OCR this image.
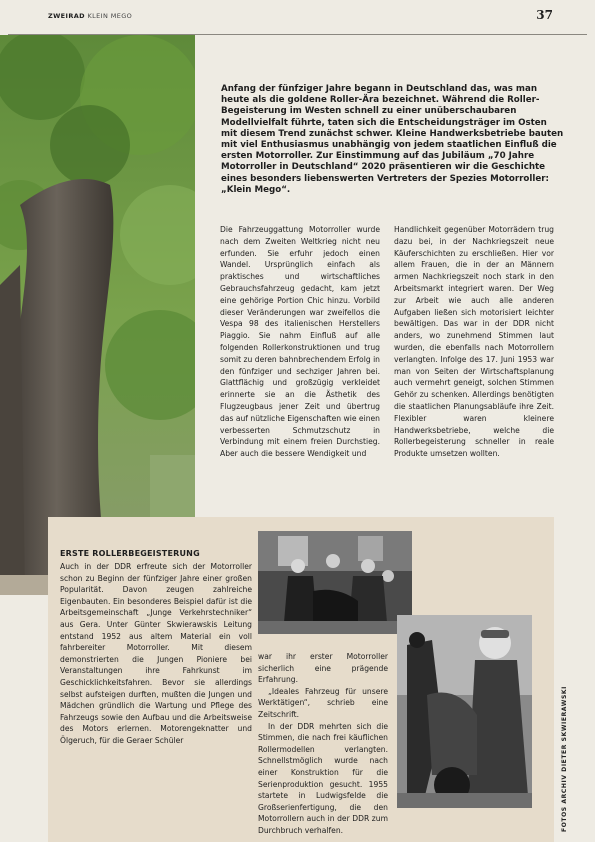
ZWEIRAD KLEIN MEGO	37
Anfang der fünfziger Jahre begann in Deutschland das, was man heute als die goldene Roller-Ära bezeichnet. Während die Roller-Begeisterung im Westen schnell zu einer unüberschaubaren Modellvielfalt führte, taten sich die Entscheidungsträger im Osten mit diesem Trend zunächst schwer. Kleine Handwerksbetriebe bauten mit viel Enthusiasmus unabhängig von jedem staatlichen Einfluß die ersten Motorroller. Zur Einstimmung auf das Jubiläum „70 Jahre Motorroller in Deutschland“ 2020 präsentieren wir die Geschichte eines besonders liebenswerten Vertreters der Spezies Motorroller: „Klein Mego“.
Die Fahrzeuggattung Motorroller wurde nach dem Zweiten Weltkrieg nicht neu erfunden. Sie erfuhr jedoch einen Wandel. Ursprünglich einfach als praktisches und wirtschaftliches Gebrauchsfahrzeug gedacht, kam jetzt eine gehörige Portion Chic hinzu. Vorbild dieser Veränderungen war zweifellos die Vespa 98 des italienischen Herstellers Piaggio. Sie nahm Einfluß auf alle folgenden Rollerkonstruktionen und trug somit zu deren bahnbrechendem Erfolg in den fünfziger und sechziger Jahren bei. Glattflächig und großzügig verkleidet erinnerte sie an die Ästhetik des Flugzeugbaus jener Zeit und übertrug das auf nützliche Eigenschaften wie einen verbesserten Schmutzschutz in Verbindung mit einem freien Durchstieg. Aber auch die bessere Wendigkeit und
Handlichkeit gegenüber Motorrädern trug dazu bei, in der Nachkriegszeit neue Käuferschichten zu erschließen. Hier vor allem Frauen, die in der an Männern armen Nachkriegszeit noch stark in den Arbeitsmarkt integriert waren. Der Weg zur Arbeit wie auch alle anderen Aufgaben ließen sich motorisiert leichter bewältigen. Das war in der DDR nicht anders, wo zunehmend Stimmen laut wurden, die ebenfalls nach Motorrollern verlangten. Infolge des 17. Juni 1953 war man von Seiten der Wirtschaftsplanung auch vermehrt geneigt, solchen Stimmen Gehör zu schenken. Allerdings benötigten die staatlichen Planungsabläufe ihre Zeit. Flexibler waren kleinere Handwerksbetriebe, welche die Rollerbegeisterung schneller in reale Produkte umsetzen wollten.
ERSTE ROLLERBEGEISTERUNG
Auch in der DDR erfreute sich der Motorroller schon zu Beginn der fünfziger Jahre einer großen Popularität. Davon zeugen zahlreiche Eigenbauten. Ein besonderes Beispiel dafür ist die Arbeitsgemeinschaft „Junge Verkehrstechniker“ aus Gera. Unter Günter Skwierawskis Leitung entstand 1952 aus altem Material ein voll fahrbereiter Motorroller. Mit diesem demonstrierten die Jungen Pioniere bei Veranstaltungen ihre Fahrkunst im Geschicklichkeitsfahren. Bevor sie allerdings selbst aufsteigen durften, mußten die Jungen und Mädchen gründlich die Wartung und Pflege des Fahrzeugs sowie den Aufbau und die Arbeitsweise des Motors erlernen. Motorengeknatter und Ölgeruch, für die Geraer Schüler

war ihr erster Motorroller sicherlich eine prägende Erfahrung.

„Ideales Fahrzeug für unsere Werktätigen“, schrieb eine Zeitschrift.

In der DDR mehrten sich die Stimmen, die nach frei käuflichen Rollermodellen verlangten. Schnellstmöglich wurde nach einer Konstruktion für die Serienproduktion gesucht. 1955 startete in Ludwigsfelde die Großserienfertigung, die den Motorrollern auch in der DDR zum Durchbruch verhalfen.	FOTOS ARCHIV DIETER SKWIERAWSKI
